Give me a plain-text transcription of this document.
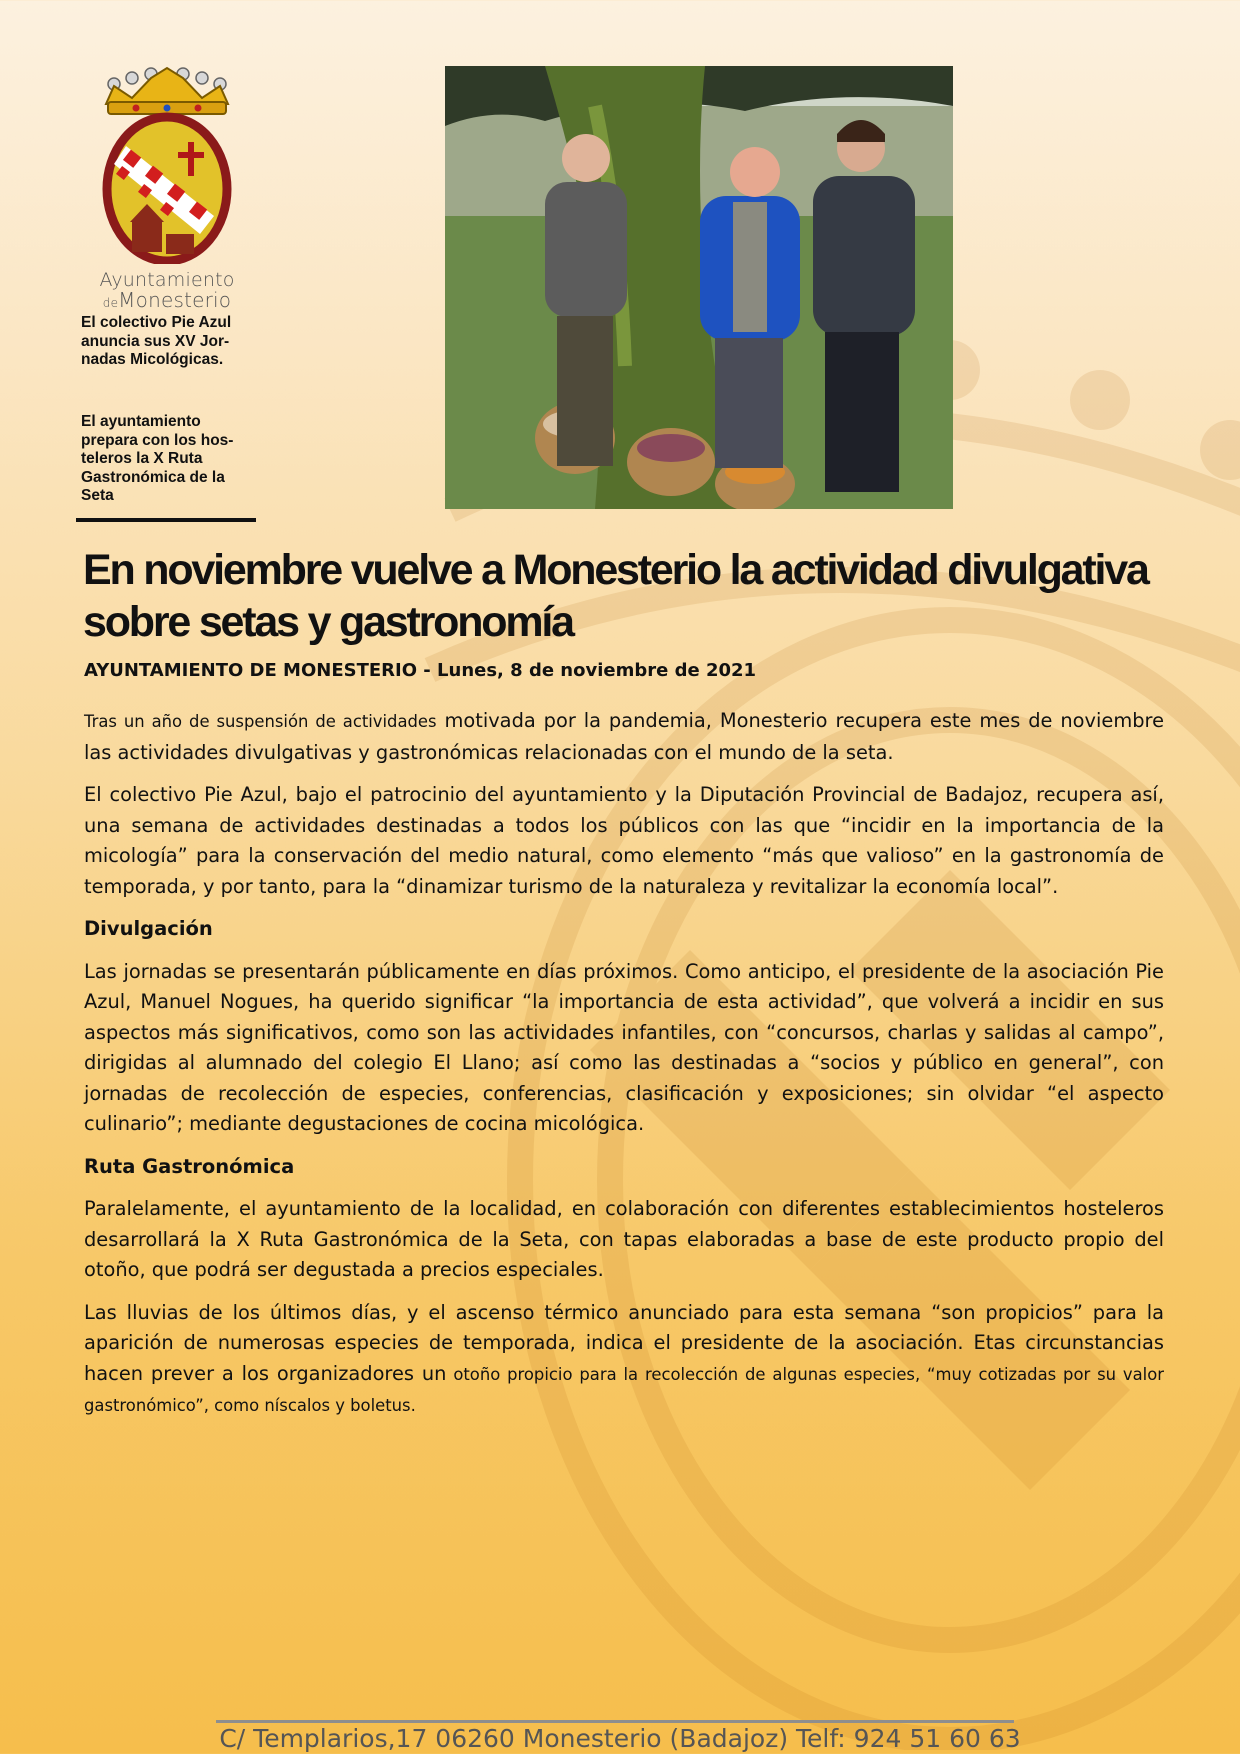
Ayuntamiento
deMonesterio
El colectivo Pie Azul
anuncia sus XV Jor-
nadas Micológicas.
El ayuntamiento
prepara con los hos-
teleros la X Ruta
Gastronómica de la
Seta
En noviembre vuelve a Monesterio la actividad divulgativa sobre setas y gastronomía

AYUNTAMIENTO DE MONESTERIO - Lunes, 8 de noviembre de 2021

Tras un año de suspensión de actividades motivada por la pandemia, Monesterio recupera este mes de noviembre las actividades divulgativas y gastronómicas relacionadas con el mundo de la seta.

El colectivo Pie Azul, bajo el patrocinio del ayuntamiento y la Diputación Provincial de Badajoz, recupera así, una semana de actividades destinadas a todos los públicos con las que “incidir en la importancia de la micología” para la conservación del medio natural, como elemento “más que valioso” en la gastronomía de temporada, y por tanto, para la “dinamizar turismo de la naturaleza y revitalizar la economía local”.

Divulgación

Las jornadas se presentarán públicamente en días próximos. Como anticipo, el presidente de la asociación Pie Azul, Manuel Nogues, ha querido significar “la importancia de esta actividad”, que volverá a incidir en sus aspectos más significativos, como son las actividades infantiles, con “concursos, charlas y salidas al campo”, dirigidas al alumnado del colegio El Llano; así como las destinadas a “socios y público en general”, con jornadas de recolección de especies, conferencias, clasificación y exposiciones; sin olvidar “el aspecto culinario”; mediante degustaciones de cocina micológica.

Ruta Gastronómica

Paralelamente, el ayuntamiento de la localidad, en colaboración con diferentes establecimientos hosteleros desarrollará la X Ruta Gastronómica de la Seta, con tapas elaboradas a base de este producto propio del otoño, que podrá ser degustada a precios especiales.

Las lluvias de los últimos días, y el ascenso térmico anunciado para esta semana “son propicios” para la aparición de numerosas especies de temporada, indica el presidente de la asociación. Etas circunstancias hacen prever a los organizadores un otoño propicio para la recolección de algunas especies, “muy cotizadas por su valor gastronómico”, como níscalos y boletus.

C/ Templarios,17 06260 Monesterio (Badajoz) Telf: 924 51 60 63
